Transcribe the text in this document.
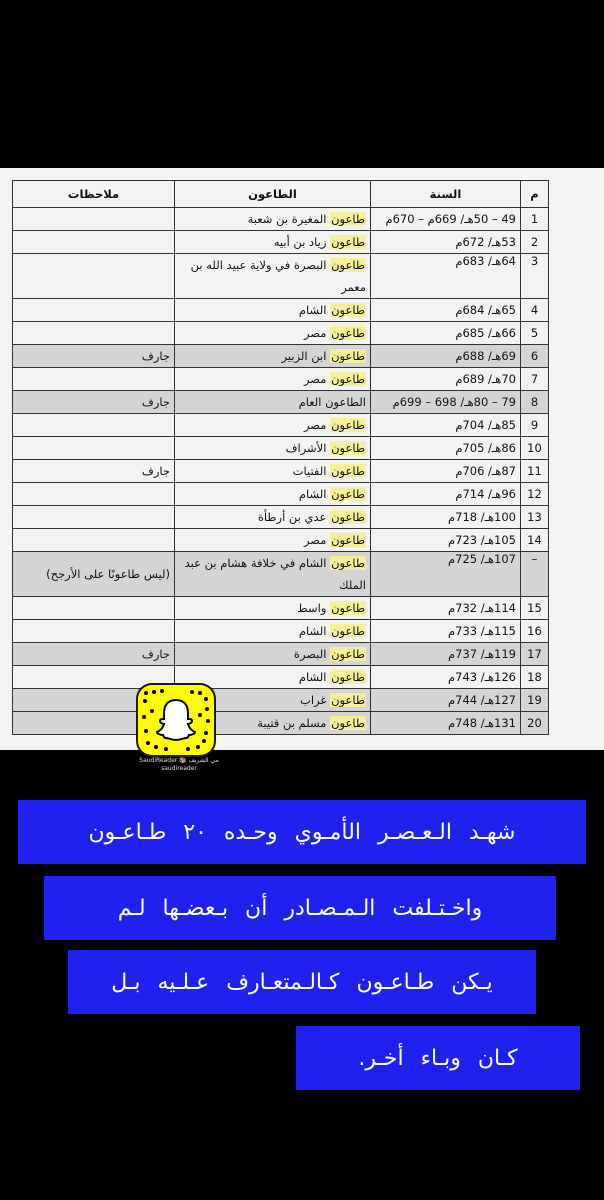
م	السنة	الطاعون	ملاحظات
1	49 – 50هـ/ 669م – 670م	طاعون المغيرة بن شعبة	
2	53هـ/ 672م	طاعون زياد بن أبيه	
3	64هـ/ 683م	طاعون البصرة في ولاية عبيد الله بن معمر	
4	65هـ/ 684م	طاعون الشام	
5	66هـ/ 685م	طاعون مصر	
6	69هـ/ 688م	طاعون ابن الزبير	جارف
7	70هـ/ 689م	طاعون مصر	
8	79 – 80هـ/ 698 – 699م	الطاعون العام	جارف
9	85هـ/ 704م	طاعون مصر	
10	86هـ/ 705م	طاعون الأشراف	
11	87هـ/ 706م	طاعون الفتيات	جارف
12	96هـ/ 714م	طاعون الشام	
13	100هـ/ 718م	طاعون عدي بن أرطأة	
14	105هـ/ 723م	طاعون مصر	
–	107هـ/ 725م	طاعون الشام في خلافة هشام بن عبد الملك	(ليس طاعونًا على الأرجح)
15	114هـ/ 732م	طاعون واسط	
16	115هـ/ 733م	طاعون الشام	
17	119هـ/ 737م	طاعون البصرة	جارف
18	126هـ/ 743م	طاعون الشام	
19	127هـ/ 744م	طاعون غراب	
20	131هـ/ 748م	طاعون مسلم بن قتيبة	
SaudiReader 📚 مي الشريف
saudireader
شهـد الـعـصـر الأمـوي وحـده ٢٠ طـاعـون
واخـتـلفت الـمـصـادر أن بـعضـها لـم
يـكن طـاعـون كـالـمتعـارف عـلـيه بـل
كـان وبـاء أخـر.
